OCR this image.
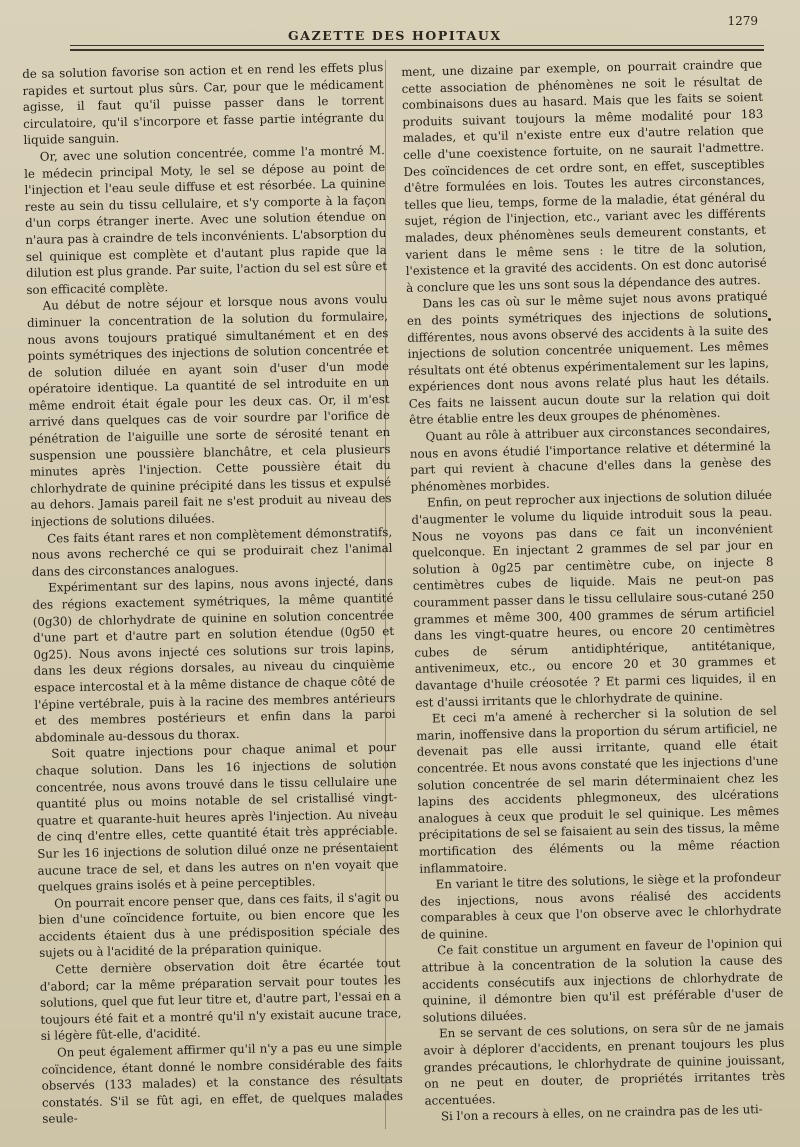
GAZETTE DES HOPITAUX
1279

de sa solution favorise son action et en rend les effets plus rapides et surtout plus sûrs. Car, pour que le médicament agisse, il faut qu'il puisse passer dans le torrent circulatoire, qu'il s'incorpore et fasse partie intégrante du liquide sanguin.

Or, avec une solution concentrée, comme l'a montré M. le médecin principal Moty, le sel se dépose au point de l'injection et l'eau seule diffuse et est résorbée. La quinine reste au sein du tissu cellulaire, et s'y comporte à la façon d'un corps étranger inerte. Avec une solution étendue on n'aura pas à craindre de tels inconvénients. L'absorption du sel quinique est complète et d'autant plus rapide que la dilution est plus grande. Par suite, l'action du sel est sûre et son efficacité complète.

Au début de notre séjour et lorsque nous avons voulu diminuer la concentration de la solution du formulaire, nous avons toujours pratiqué simultanément et en des points symétriques des injections de solution concentrée et de solution diluée en ayant soin d'user d'un mode opératoire identique. La quantité de sel introduite en un même endroit était égale pour les deux cas. Or, il m'est arrivé dans quelques cas de voir sourdre par l'orifice de pénétration de l'aiguille une sorte de sérosité tenant en suspension une poussière blanchâtre, et cela plusieurs minutes après l'injection. Cette poussière était du chlorhydrate de quinine précipité dans les tissus et expulsé au dehors. Jamais pareil fait ne s'est produit au niveau des injections de solutions diluées.

Ces faits étant rares et non complètement démonstratifs, nous avons recherché ce qui se produirait chez l'animal dans des circonstances analogues.

Expérimentant sur des lapins, nous avons injecté, dans des régions exactement symétriques, la même quantité (0g30) de chlorhydrate de quinine en solution concentrée d'une part et d'autre part en solution étendue (0g50 et 0g25). Nous avons injecté ces solutions sur trois lapins, dans les deux régions dorsales, au niveau du cinquième espace intercostal et à la même distance de chaque côté de l'épine vertébrale, puis à la racine des membres antérieurs et des membres postérieurs et enfin dans la paroi abdominale au-dessous du thorax.

Soit quatre injections pour chaque animal et pour chaque solution. Dans les 16 injections de solution concentrée, nous avons trouvé dans le tissu cellulaire une quantité plus ou moins notable de sel cristallisé vingt-quatre et quarante-huit heures après l'injection. Au niveau de cinq d'entre elles, cette quantité était très appréciable. Sur les 16 injections de solution dilué onze ne présentaient aucune trace de sel, et dans les autres on n'en voyait que quelques grains isolés et à peine perceptibles.

On pourrait encore penser que, dans ces faits, il s'agit ou bien d'une coïncidence fortuite, ou bien encore que les accidents étaient dus à une prédisposition spéciale des sujets ou à l'acidité de la préparation quinique.

Cette dernière observation doit être écartée tout d'abord; car la même préparation servait pour toutes les solutions, quel que fut leur titre et, d'autre part, l'essai en a toujours été fait et a montré qu'il n'y existait aucune trace, si légère fût-elle, d'acidité.

On peut également affirmer qu'il n'y a pas eu une simple coïncidence, étant donné le nombre considérable des faits observés (133 malades) et la constance des résultats constatés. S'il se fût agi, en effet, de quelques malades seule-

ment, une dizaine par exemple, on pourrait craindre que cette association de phénomènes ne soit le résultat de combinaisons dues au hasard. Mais que les faits se soient produits suivant toujours la même modalité pour 183 malades, et qu'il n'existe entre eux d'autre relation que celle d'une coexistence fortuite, on ne saurait l'admettre. Des coïncidences de cet ordre sont, en effet, susceptibles d'être formulées en lois. Toutes les autres circonstances, telles que lieu, temps, forme de la maladie, état général du sujet, région de l'injection, etc., variant avec les différents malades, deux phénomènes seuls demeurent constants, et varient dans le même sens : le titre de la solution, l'existence et la gravité des accidents. On est donc autorisé à conclure que les uns sont sous la dépendance des autres.

Dans les cas où sur le même sujet nous avons pratiqué en des points symétriques des injections de solutions différentes, nous avons observé des accidents à la suite des injections de solution concentrée uniquement. Les mêmes résultats ont été obtenus expérimentalement sur les lapins, expériences dont nous avons relaté plus haut les détails. Ces faits ne laissent aucun doute sur la relation qui doit être établie entre les deux groupes de phénomènes.

Quant au rôle à attribuer aux circonstances secondaires, nous en avons étudié l'importance relative et déterminé la part qui revient à chacune d'elles dans la genèse des phénomènes morbides.

Enfin, on peut reprocher aux injections de solution diluée d'augmenter le volume du liquide introduit sous la peau. Nous ne voyons pas dans ce fait un inconvénient quelconque. En injectant 2 grammes de sel par jour en solution à 0g25 par centimètre cube, on injecte 8 centimètres cubes de liquide. Mais ne peut-on pas couramment passer dans le tissu cellulaire sous-cutané 250 grammes et même 300, 400 grammes de sérum artificiel dans les vingt-quatre heures, ou encore 20 centimètres cubes de sérum antidiphtérique, antitétanique, antivenimeux, etc., ou encore 20 et 30 grammes et davantage d'huile créosotée ? Et parmi ces liquides, il en est d'aussi irritants que le chlorhydrate de quinine.

Et ceci m'a amené à rechercher si la solution de sel marin, inoffensive dans la proportion du sérum artificiel, ne devenait pas elle aussi irritante, quand elle était concentrée. Et nous avons constaté que les injections d'une solution concentrée de sel marin déterminaient chez les lapins des accidents phlegmoneux, des ulcérations analogues à ceux que produit le sel quinique. Les mêmes précipitations de sel se faisaient au sein des tissus, la même mortification des éléments ou la même réaction inflammatoire.

En variant le titre des solutions, le siège et la profondeur des injections, nous avons réalisé des accidents comparables à ceux que l'on observe avec le chlorhydrate de quinine.

Ce fait constitue un argument en faveur de l'opinion qui attribue à la concentration de la solution la cause des accidents consécutifs aux injections de chlorhydrate de quinine, il démontre bien qu'il est préférable d'user de solutions diluées.

En se servant de ces solutions, on sera sûr de ne jamais avoir à déplorer d'accidents, en prenant toujours les plus grandes précautions, le chlorhydrate de quinine jouissant, on ne peut en douter, de propriétés irritantes très accentuées.

Si l'on a recours à elles, on ne craindra pas de les uti-
